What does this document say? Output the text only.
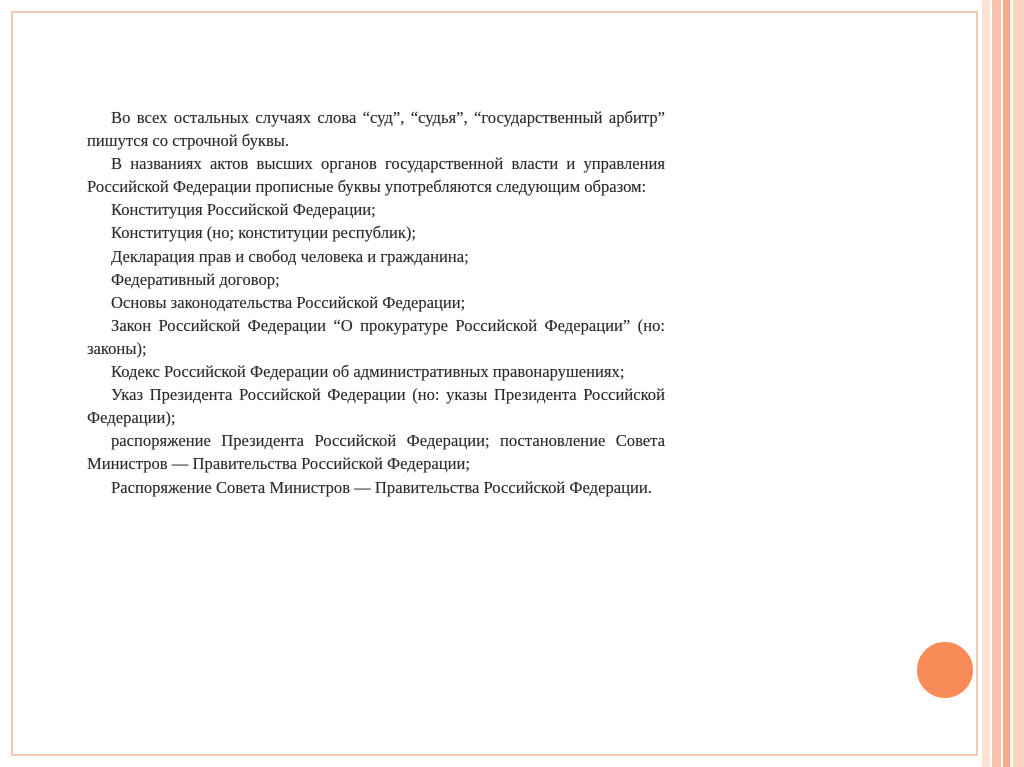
Во всех остальных случаях слова “суд”, “судья”, “государственный арбитр” пишутся со строчной буквы.

В названиях актов высших органов государственной власти и управления Российской Федерации прописные буквы употребляются следующим образом:

Конституция Российской Федерации;

Конституция (но; конституции республик);

Декларация прав и свобод человека и гражданина;

Федеративный договор;

Основы законодательства Российской Федерации;

Закон Российской Федерации “О прокуратуре Российской Федерации” (но: законы);

Кодекс Российской Федерации об административных правонарушениях;

Указ Президента Российской Федерации (но: указы Президента Российской Федерации);

распоряжение Президента Российской Федерации; постановление Совета Министров — Правительства Российской Федерации;

Распоряжение Совета Министров — Правительства Российской Федерации.
